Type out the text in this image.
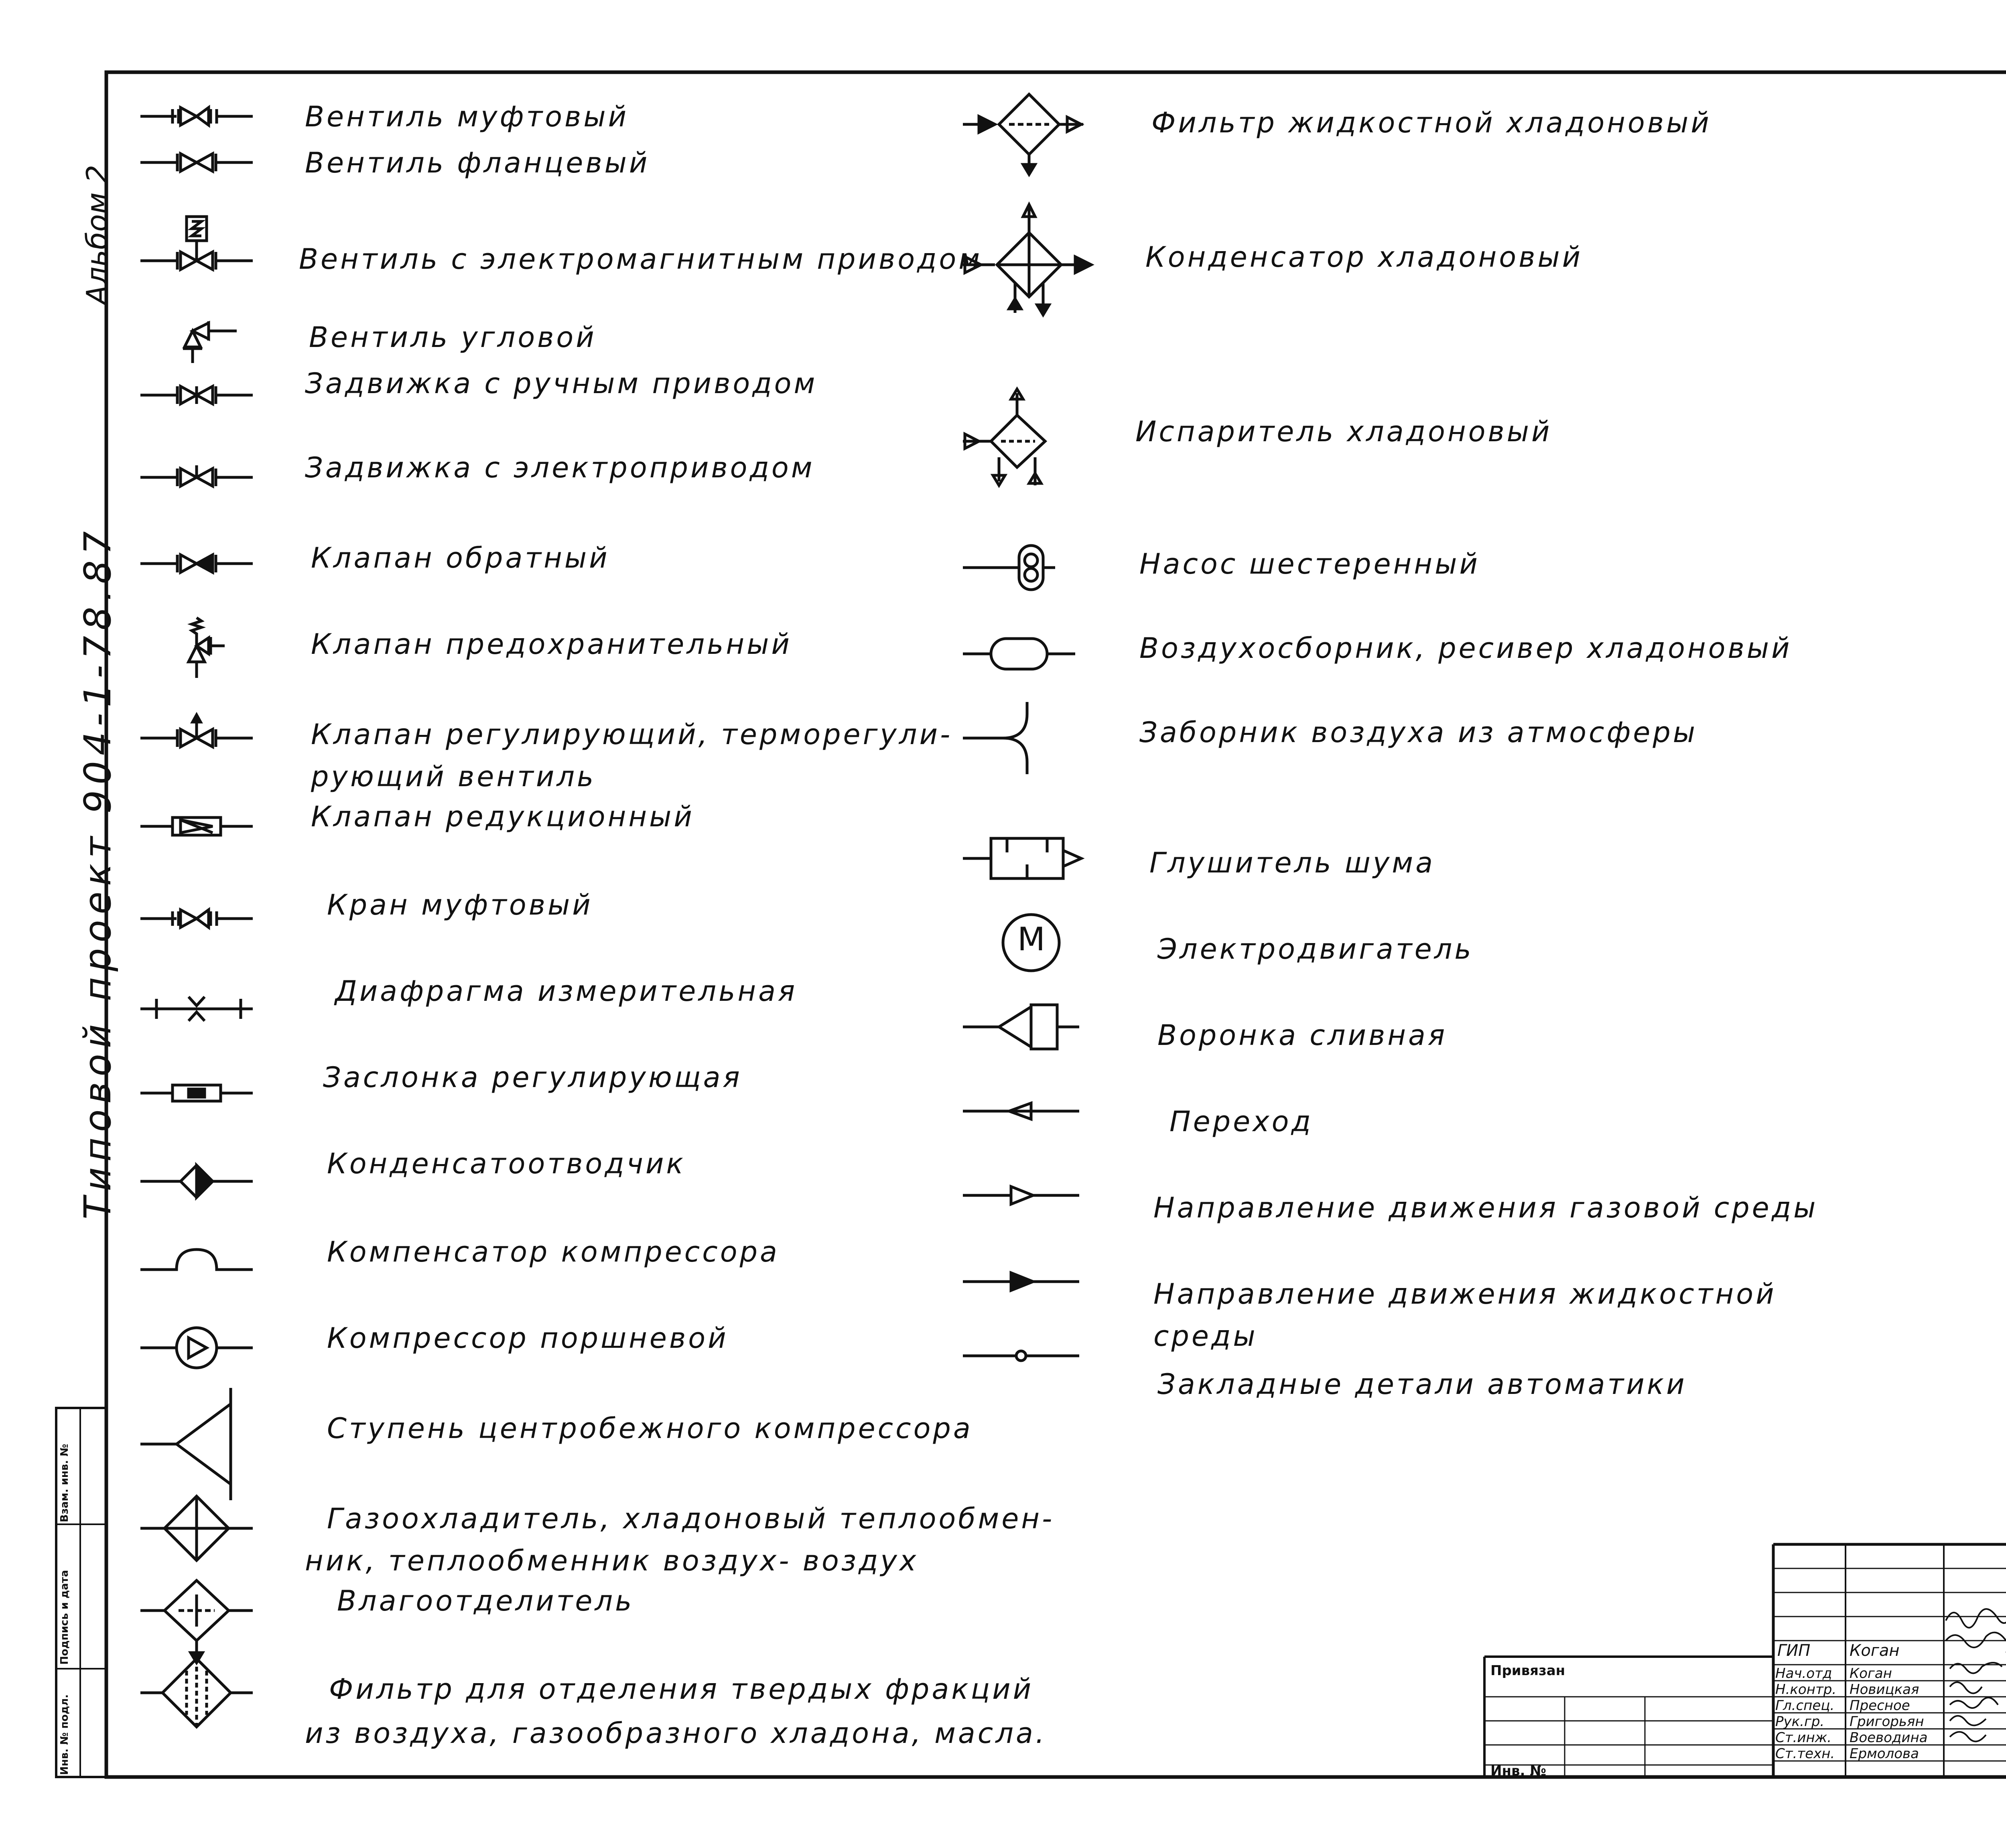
Альбом 2
Типовой проект 904-1-78.87
Инв. № подл.
Подпись и дата
Взам. инв. №
Вентиль муфтовый
Вентиль фланцевый
Вентиль с электромагнитным приводом
Вентиль угловой
Задвижка с ручным приводом
Задвижка с электроприводом
Клапан обратный
Клапан предохранительный
Клапан регулирующий, терморегули-
рующий вентиль
Клапан редукционный
Кран муфтовый
Диафрагма измерительная
Заслонка регулирующая
Конденсатоотводчик
Компенсатор компрессора
Компрессор поршневой
Ступень центробежного компрессора
Газоохладитель, хладоновый теплообмен-
ник, теплообменник воздух- воздух
Влагоотделитель
Фильтр для отделения твердых фракций
из воздуха, газообразного хладона, масла.
M
Фильтр жидкостной хладоновый
Конденсатор хладоновый
Испаритель хладоновый
Насос шестеренный
Воздухосборник, ресивер хладоновый
Заборник воздуха из атмосферы
Глушитель шума
Электродвигатель
Воронка сливная
Переход
Направление движения газовой среды
Направление движения жидкостной
среды
Закладные детали автоматики
Привязан
Инв. №
ГИП Коган
Нач.отд Коган
Н.контр. Новицкая
Гл.спец. Пресное
Рук.гр. Григорьян
Ст.инж. Воеводина
Ст.техн. Ермолова
